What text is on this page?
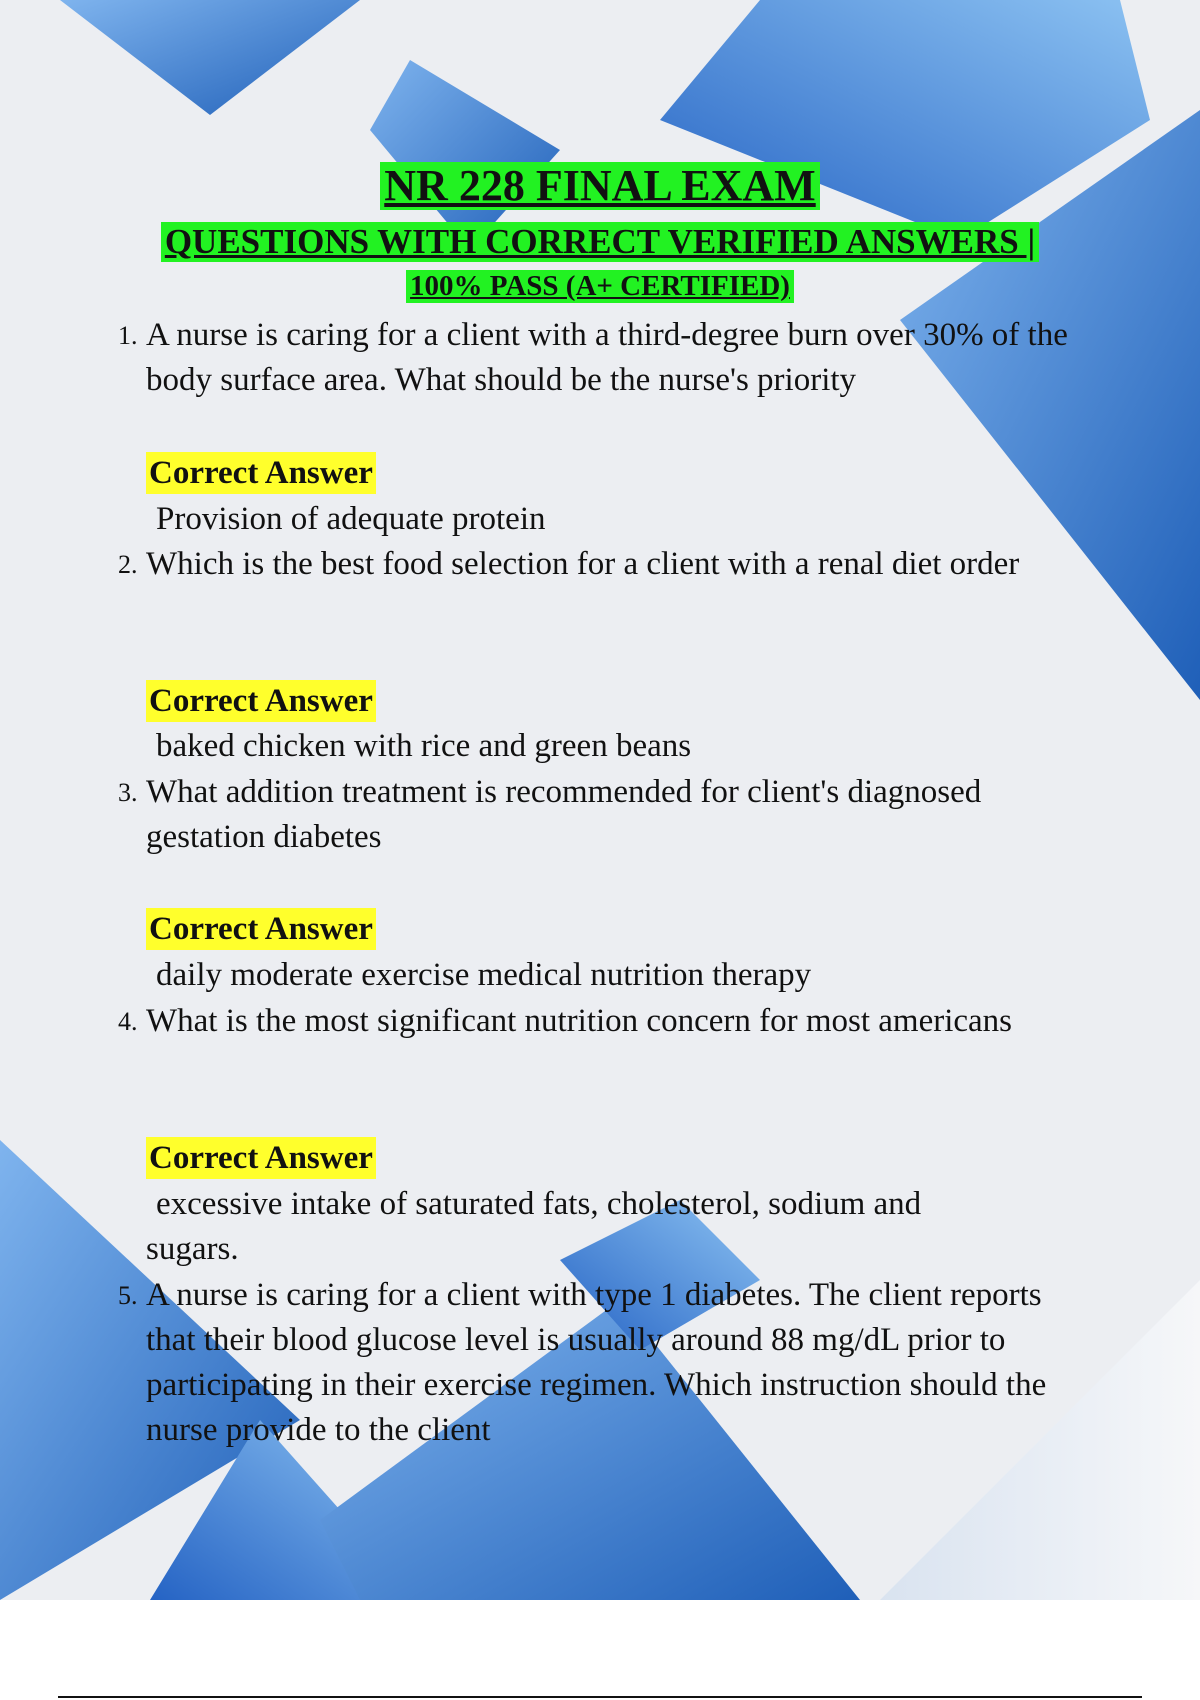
NR 228 FINAL EXAM
QUESTIONS WITH CORRECT VERIFIED ANSWERS |
100% PASS (A+ CERTIFIED)
1. A nurse is caring for a client with a third-degree burn over 30% of the body surface area. What should be the nurse's priority
Correct Answer
Provision of adequate protein
2. Which is the best food selection for a client with a renal diet order
Correct Answer
baked chicken with rice and green beans
3. What addition treatment is recommended for client's diagnosed gestation diabetes
Correct Answer
daily moderate exercise medical nutrition therapy
4. What is the most significant nutrition concern for most americans
Correct Answer
excessive intake of saturated fats, cholesterol, sodium and
sugars.
5. A nurse is caring for a client with type 1 diabetes. The client reports that their blood glucose level is usually around 88 mg/dL prior to participating in their exercise regimen. Which instruction should the nurse provide to the client
